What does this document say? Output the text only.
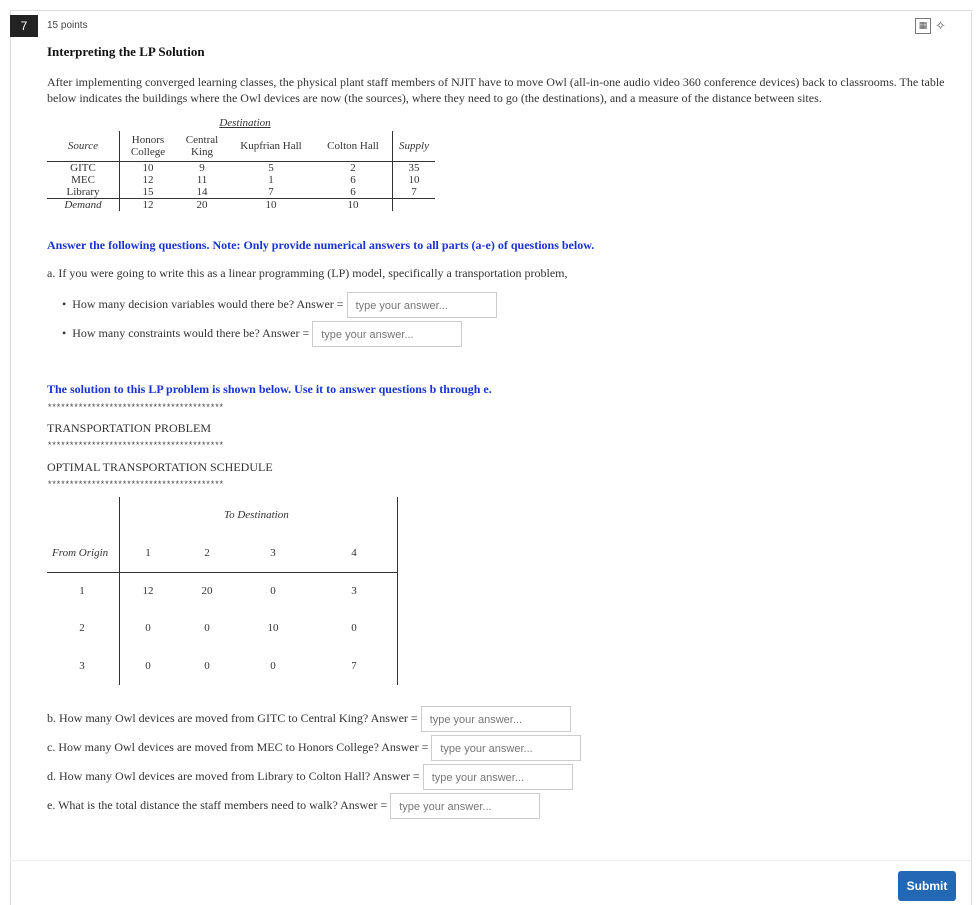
7	15 points	▦ ✧
Interpreting the LP Solution
After implementing converged learning classes, the physical plant staff members of NJIT have to move Owl (all-in-one audio video 360 conference devices) back to classrooms. The table below indicates the buildings where the Owl devices are now (the sources), where they need to go (the destinations), and a measure of the distance between sites.
		Destination			
Source	Honors College	Central King	Kupfrian Hall	Colton Hall	Supply
GITC	10	9	5	2	35
MEC	12	11	1	6	10
Library	15	14	7	6	7
Demand	12	20	10	10	
Answer the following questions. Note: Only provide numerical answers to all parts (a-e) of questions below.
a. If you were going to write this as a linear programming (LP) model, specifically a transportation problem,
•  How many decision variables would there be? Answer = type your answer...
•  How many constraints would there be? Answer = type your answer...
The solution to this LP problem is shown below. Use it to answer questions b through e.
****************************************
TRANSPORTATION PROBLEM
****************************************
OPTIMAL TRANSPORTATION SCHEDULE
****************************************
To Destination
From Origin	1	2	3	4
1	12	20	0	3
2	0	0	10	0
3	0	0	0	7
b. How many Owl devices are moved from GITC to Central King? Answer = type your answer...
c. How many Owl devices are moved from MEC to Honors College? Answer = type your answer...
d. How many Owl devices are moved from Library to Colton Hall? Answer = type your answer...
e. What is the total distance the staff members need to walk? Answer = type your answer...
Submit
